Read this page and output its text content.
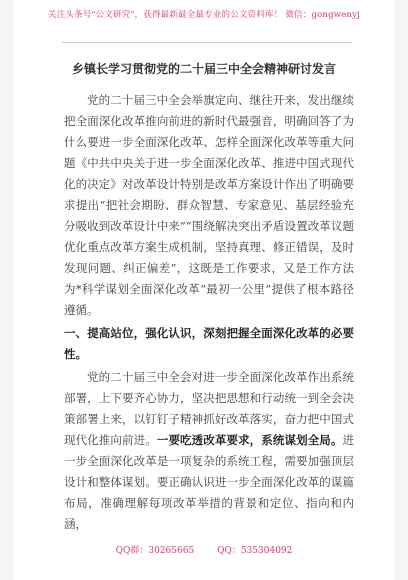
关注头条号"公文研究"，获得最新最全最专业的公文资料库！ 微信：gongwenyj
乡镇长学习贯彻党的二十届三中全会精神研讨发言

党的二十届三中全会举旗定向、继往开来，发出继续把全面深化改革推向前进的新时代最强音，明确回答了为什么要进一步全面深化改革、怎样全面深化改革等重大问题《中共中央关于进一步全面深化改革、推进中国式现代化的决定》对改革设计特别是改革方案设计作出了明确要求提出“把社会期盼、群众智慧、专家意见、基层经验充分吸收到改革设计中来”“围绕解决突出矛盾设置改革议题优化重点改革方案生成机制，坚持真理、修正错误，及时发现问题、纠正偏差”，这既是工作要求，又是工作方法为*科学谋划全面深化改革“最初一公里”提供了根本路径遵循。

一、提高站位，强化认识，深刻把握全面深化改革的必要性。

党的二十届三中全会对进一步全面深化改革作出系统部署，上下要齐心协力，坚决把思想和行动统一到全会决策部署上来，以钉钉子精神抓好改革落实，奋力把中国式现代化推向前进。一要吃透改革要求，系统谋划全局。进一步全面深化改革是一项复杂的系统工程，需要加强顶层设计和整体谋划。要正确认识进一步全面深化改革的谋篇布局，准确理解每项改革举措的背景和定位、指向和内涵，

QQ群：30265665	QQ：535304092
